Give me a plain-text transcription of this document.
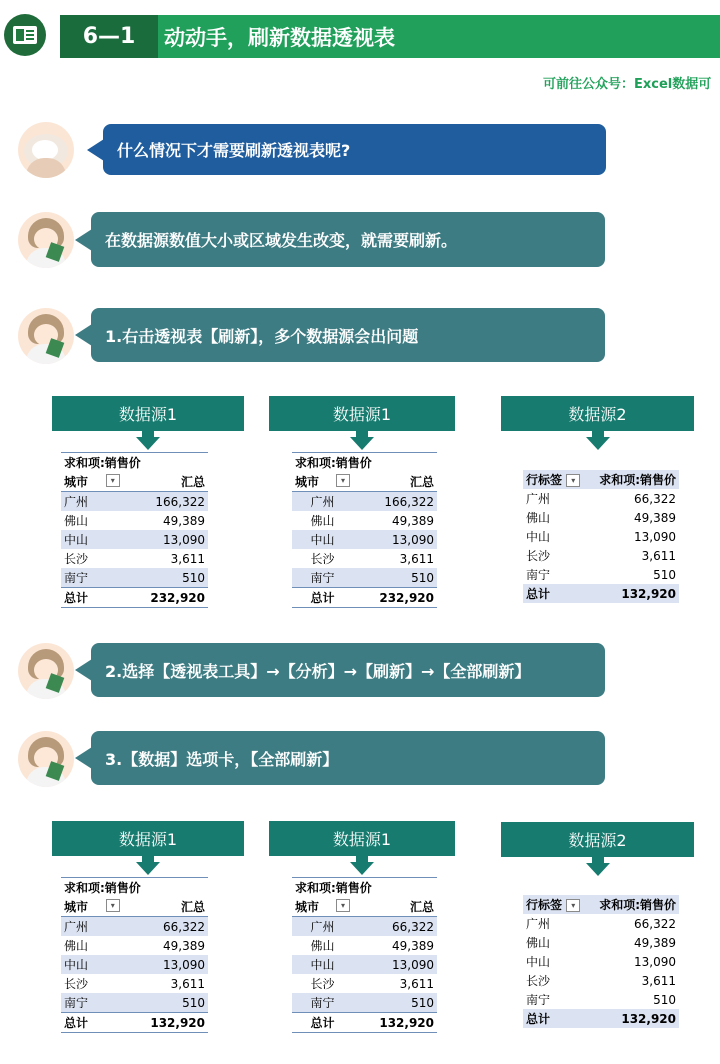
6—1	动动手，刷新数据透视表
可前往公众号：Excel数据可
什么情况下才需要刷新透视表呢?
在数据源数值大小或区域发生改变，就需要刷新。
1.右击透视表【刷新】，多个数据源会出问题
2.选择【透视表工具】→【分析】→【刷新】→【全部刷新】
3.【数据】选项卡，【全部刷新】
数据源1
求和项:销售价	
城市 ▾	汇总
广州	166,322
佛山	49,389
中山	13,090
长沙	3,611
南宁	510
总计	232,920
数据源1
求和项:销售价	
城市 ▾	汇总
广州	166,322
佛山	49,389
中山	13,090
长沙	3,611
南宁	510
总计	232,920
数据源2
行标签 ▾	求和项:销售价
广州	66,322
佛山	49,389
中山	13,090
长沙	3,611
南宁	510
总计	132,920
数据源1
求和项:销售价	
城市 ▾	汇总
广州	66,322
佛山	49,389
中山	13,090
长沙	3,611
南宁	510
总计	132,920
数据源1
求和项:销售价	
城市 ▾	汇总
广州	66,322
佛山	49,389
中山	13,090
长沙	3,611
南宁	510
总计	132,920
数据源2
行标签 ▾	求和项:销售价
广州	66,322
佛山	49,389
中山	13,090
长沙	3,611
南宁	510
总计	132,920
